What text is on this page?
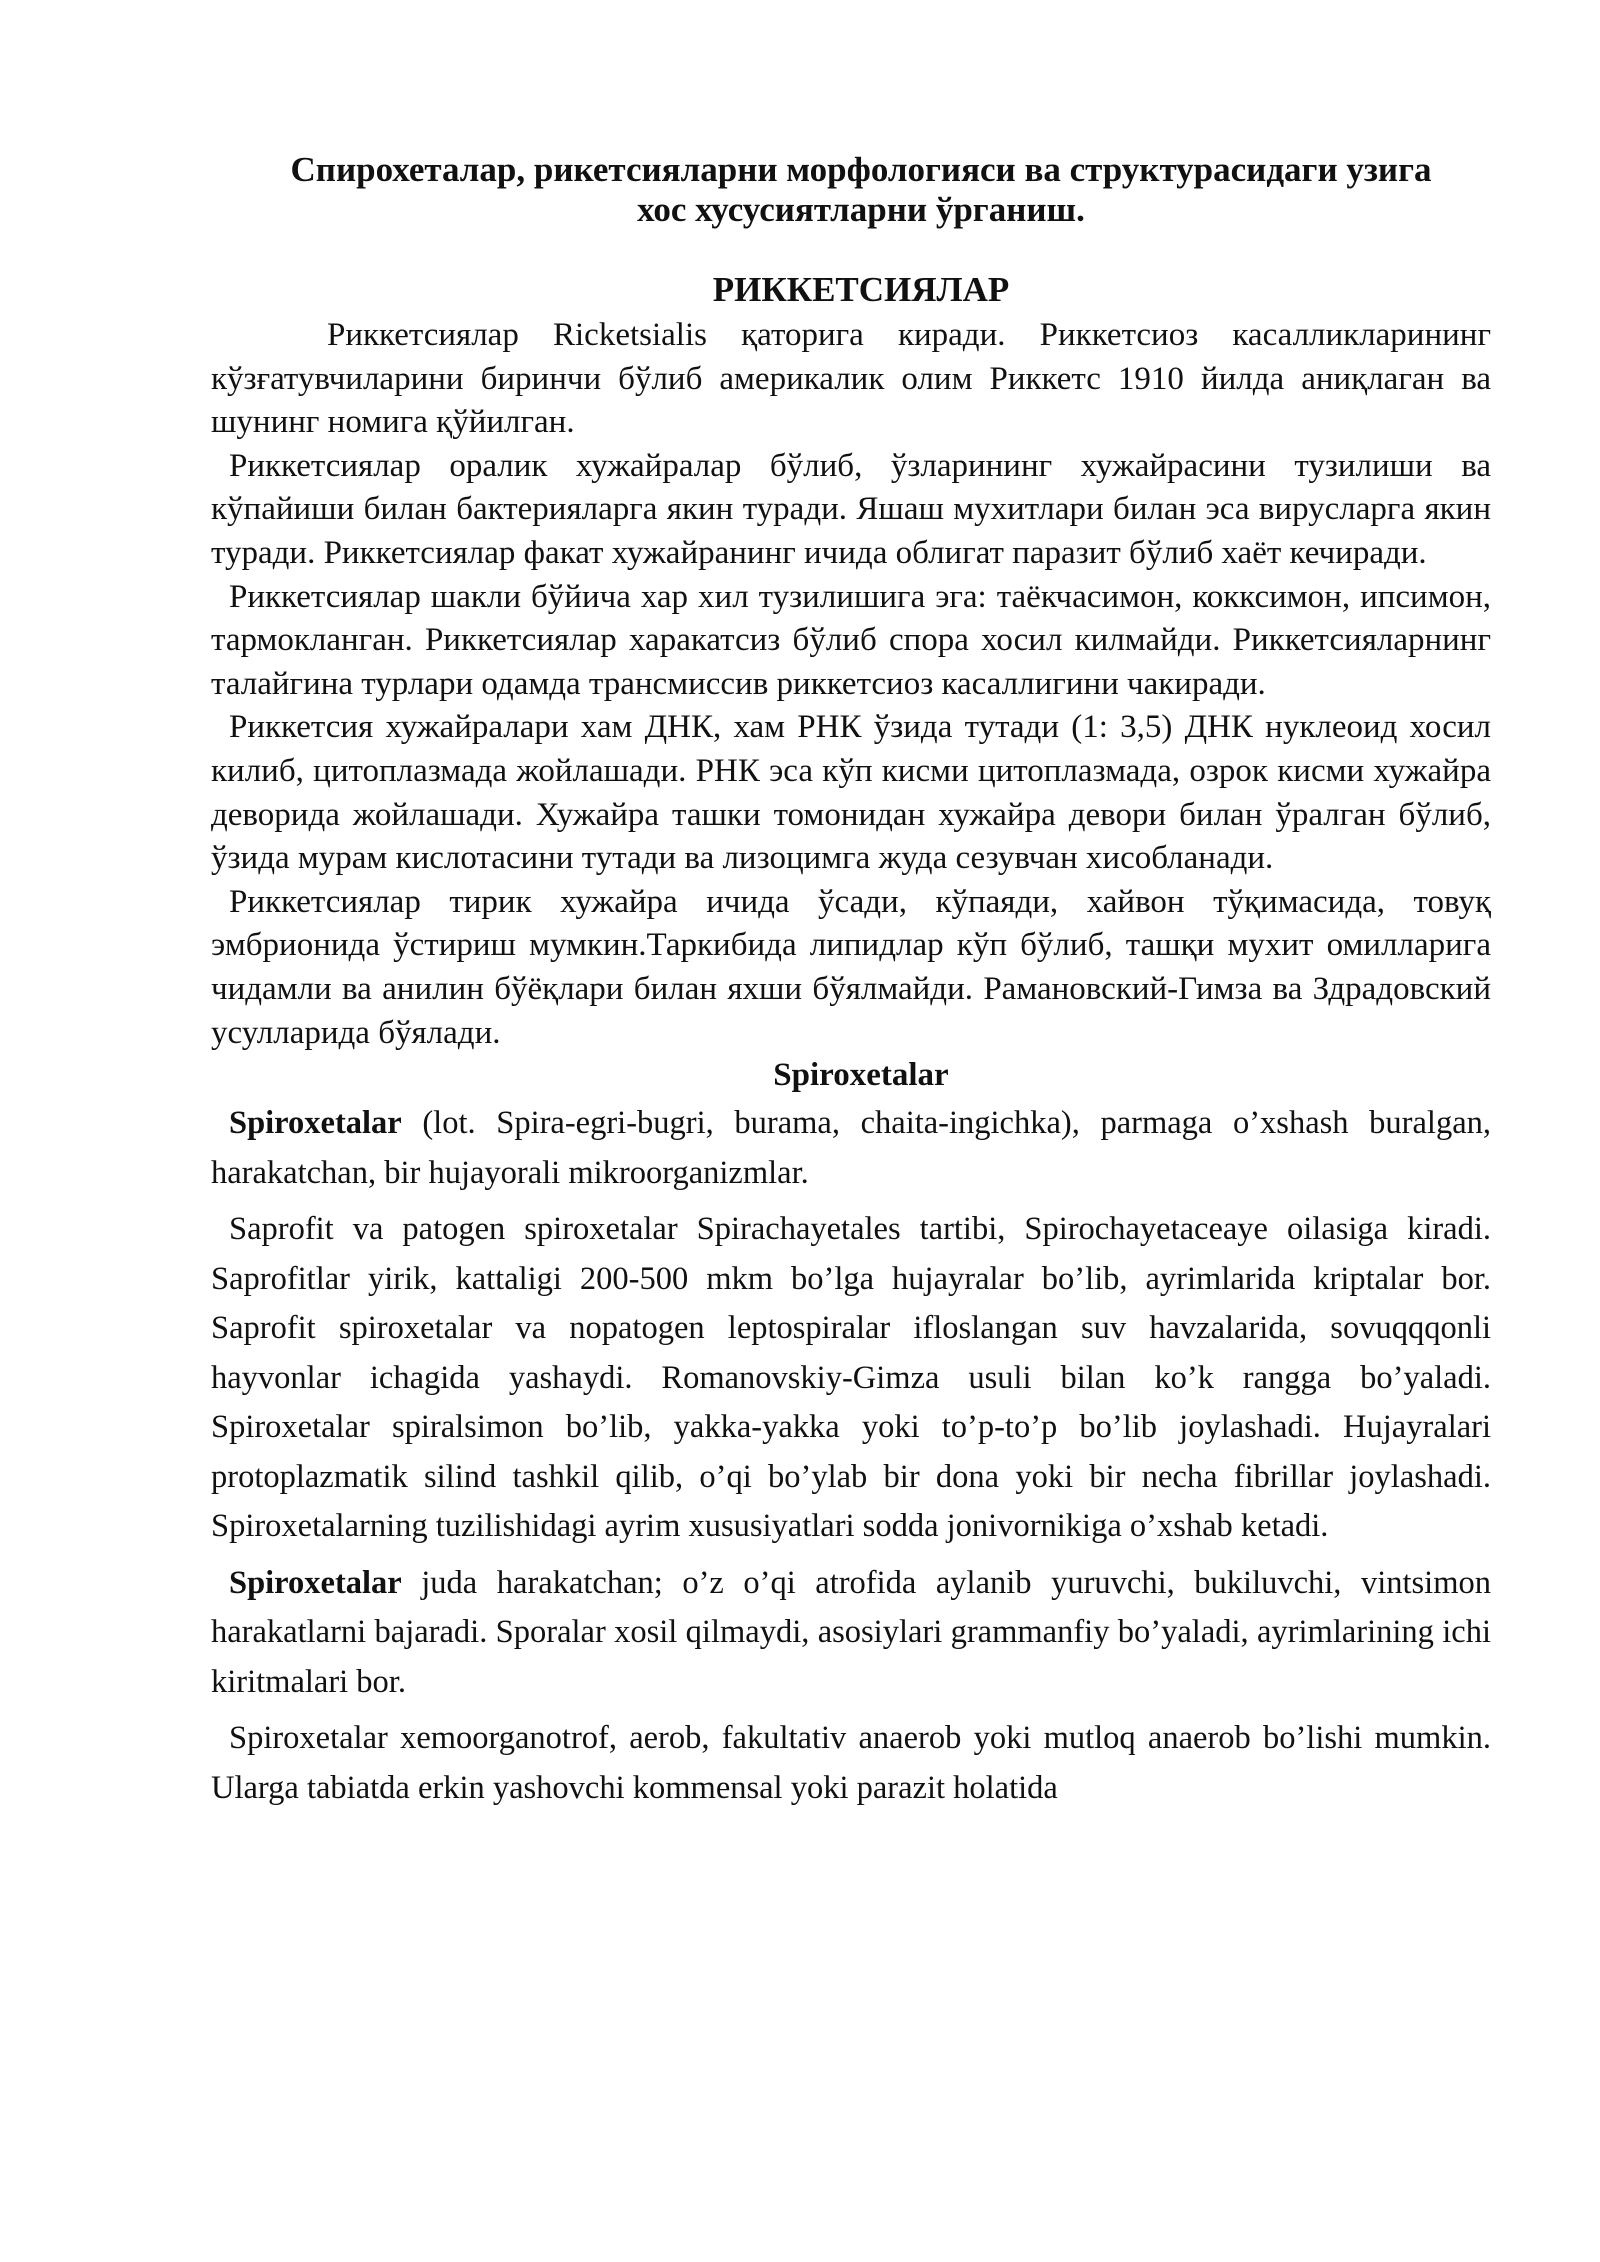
Спирохеталар, рикетсияларни морфологияси ва структурасидаги узига
хос хусусиятларни ўрганиш.
РИККЕТСИЯЛАР

Риккетсиялар Ricketsialis қаторига киради. Риккетсиоз касалликларининг

кўзғатувчиларини биринчи бўлиб америкалик олим Риккетс 1910 йилда аниқлаган ва шунинг номига қўйилган.

Риккетсиялар оралик хужайралар бўлиб, ўзларининг хужайрасини тузилиши ва кўпайиши билан бактерияларга якин туради. Яшаш мухитлари билан эса вирусларга якин туради. Риккетсиялар факат хужайранинг ичида облигат паразит бўлиб хаёт кечиради.

Риккетсиялар шакли бўйича хар хил тузилишига эга: таёкчасимон, кокксимон, ипсимон, тармокланган. Риккетсиялар харакатсиз бўлиб спора хосил килмайди. Риккетсияларнинг талайгина турлари одамда трансмиссив риккетсиоз касаллигини чакиради.

Риккетсия хужайралари хам ДНК, хам РНК ўзида тутади (1: 3,5) ДНК нуклеоид хосил килиб, цитоплазмада жойлашади. РНК эса кўп кисми цитоплазмада, озрок кисми хужайра деворида жойлашади. Хужайра ташки томонидан хужайра девори билан ўралган бўлиб, ўзида мурам кислотасини тутади ва лизоцимга жуда сезувчан хисобланади.

Риккетсиялар тирик хужайра ичида ўсади, кўпаяди, хайвон тўқимасида, товуқ эмбрионида ўстириш мумкин.Таркибида липидлар кўп бўлиб, ташқи мухит омилларига чидамли ва анилин бўёқлари билан яхши бўялмайди. Рамановский-Гимза ва Здрадовский усулларида бўялади.

Spiroxetalar

Spiroxetalar (lot. Spira-egri-bugri, burama, chaita-ingichka), parmaga o’xshash buralgan, harakatchan, bir hujayorali mikroorganizmlar.

Saprofit va patogen spiroxetalar Spirachayetales tartibi, Spirochayetaceaye oilasiga kiradi. Saprofitlar yirik, kattaligi 200-500 mkm bo’lga hujayralar bo’lib, ayrimlarida kriptalar bor. Saprofit spiroxetalar va nopatogen leptospiralar ifloslangan suv havzalarida, sovuqqqonli hayvonlar ichagida yashaydi. Romanovskiy-Gimza usuli bilan ko’k rangga bo’yaladi. Spiroxetalar spiralsimon bo’lib, yakka-yakka yoki to’p-to’p bo’lib joylashadi. Hujayralari protoplazmatik silind tashkil qilib, o’qi bo’ylab bir dona yoki bir necha fibrillar joylashadi. Spiroxetalarning tuzilishidagi ayrim xususiyatlari sodda jonivornikiga o’xshab ketadi.

Spiroxetalar juda harakatchan; o’z o’qi atrofida aylanib yuruvchi, bukiluvchi, vintsimon harakatlarni bajaradi. Sporalar xosil qilmaydi, asosiylari grammanfiy bo’yaladi, ayrimlarining ichi kiritmalari bor.

Spiroxetalar xemoorganotrof, aerob, fakultativ anaerob yoki mutloq anaerob bo’lishi mumkin. Ularga tabiatda erkin yashovchi kommensal yoki parazit holatida
